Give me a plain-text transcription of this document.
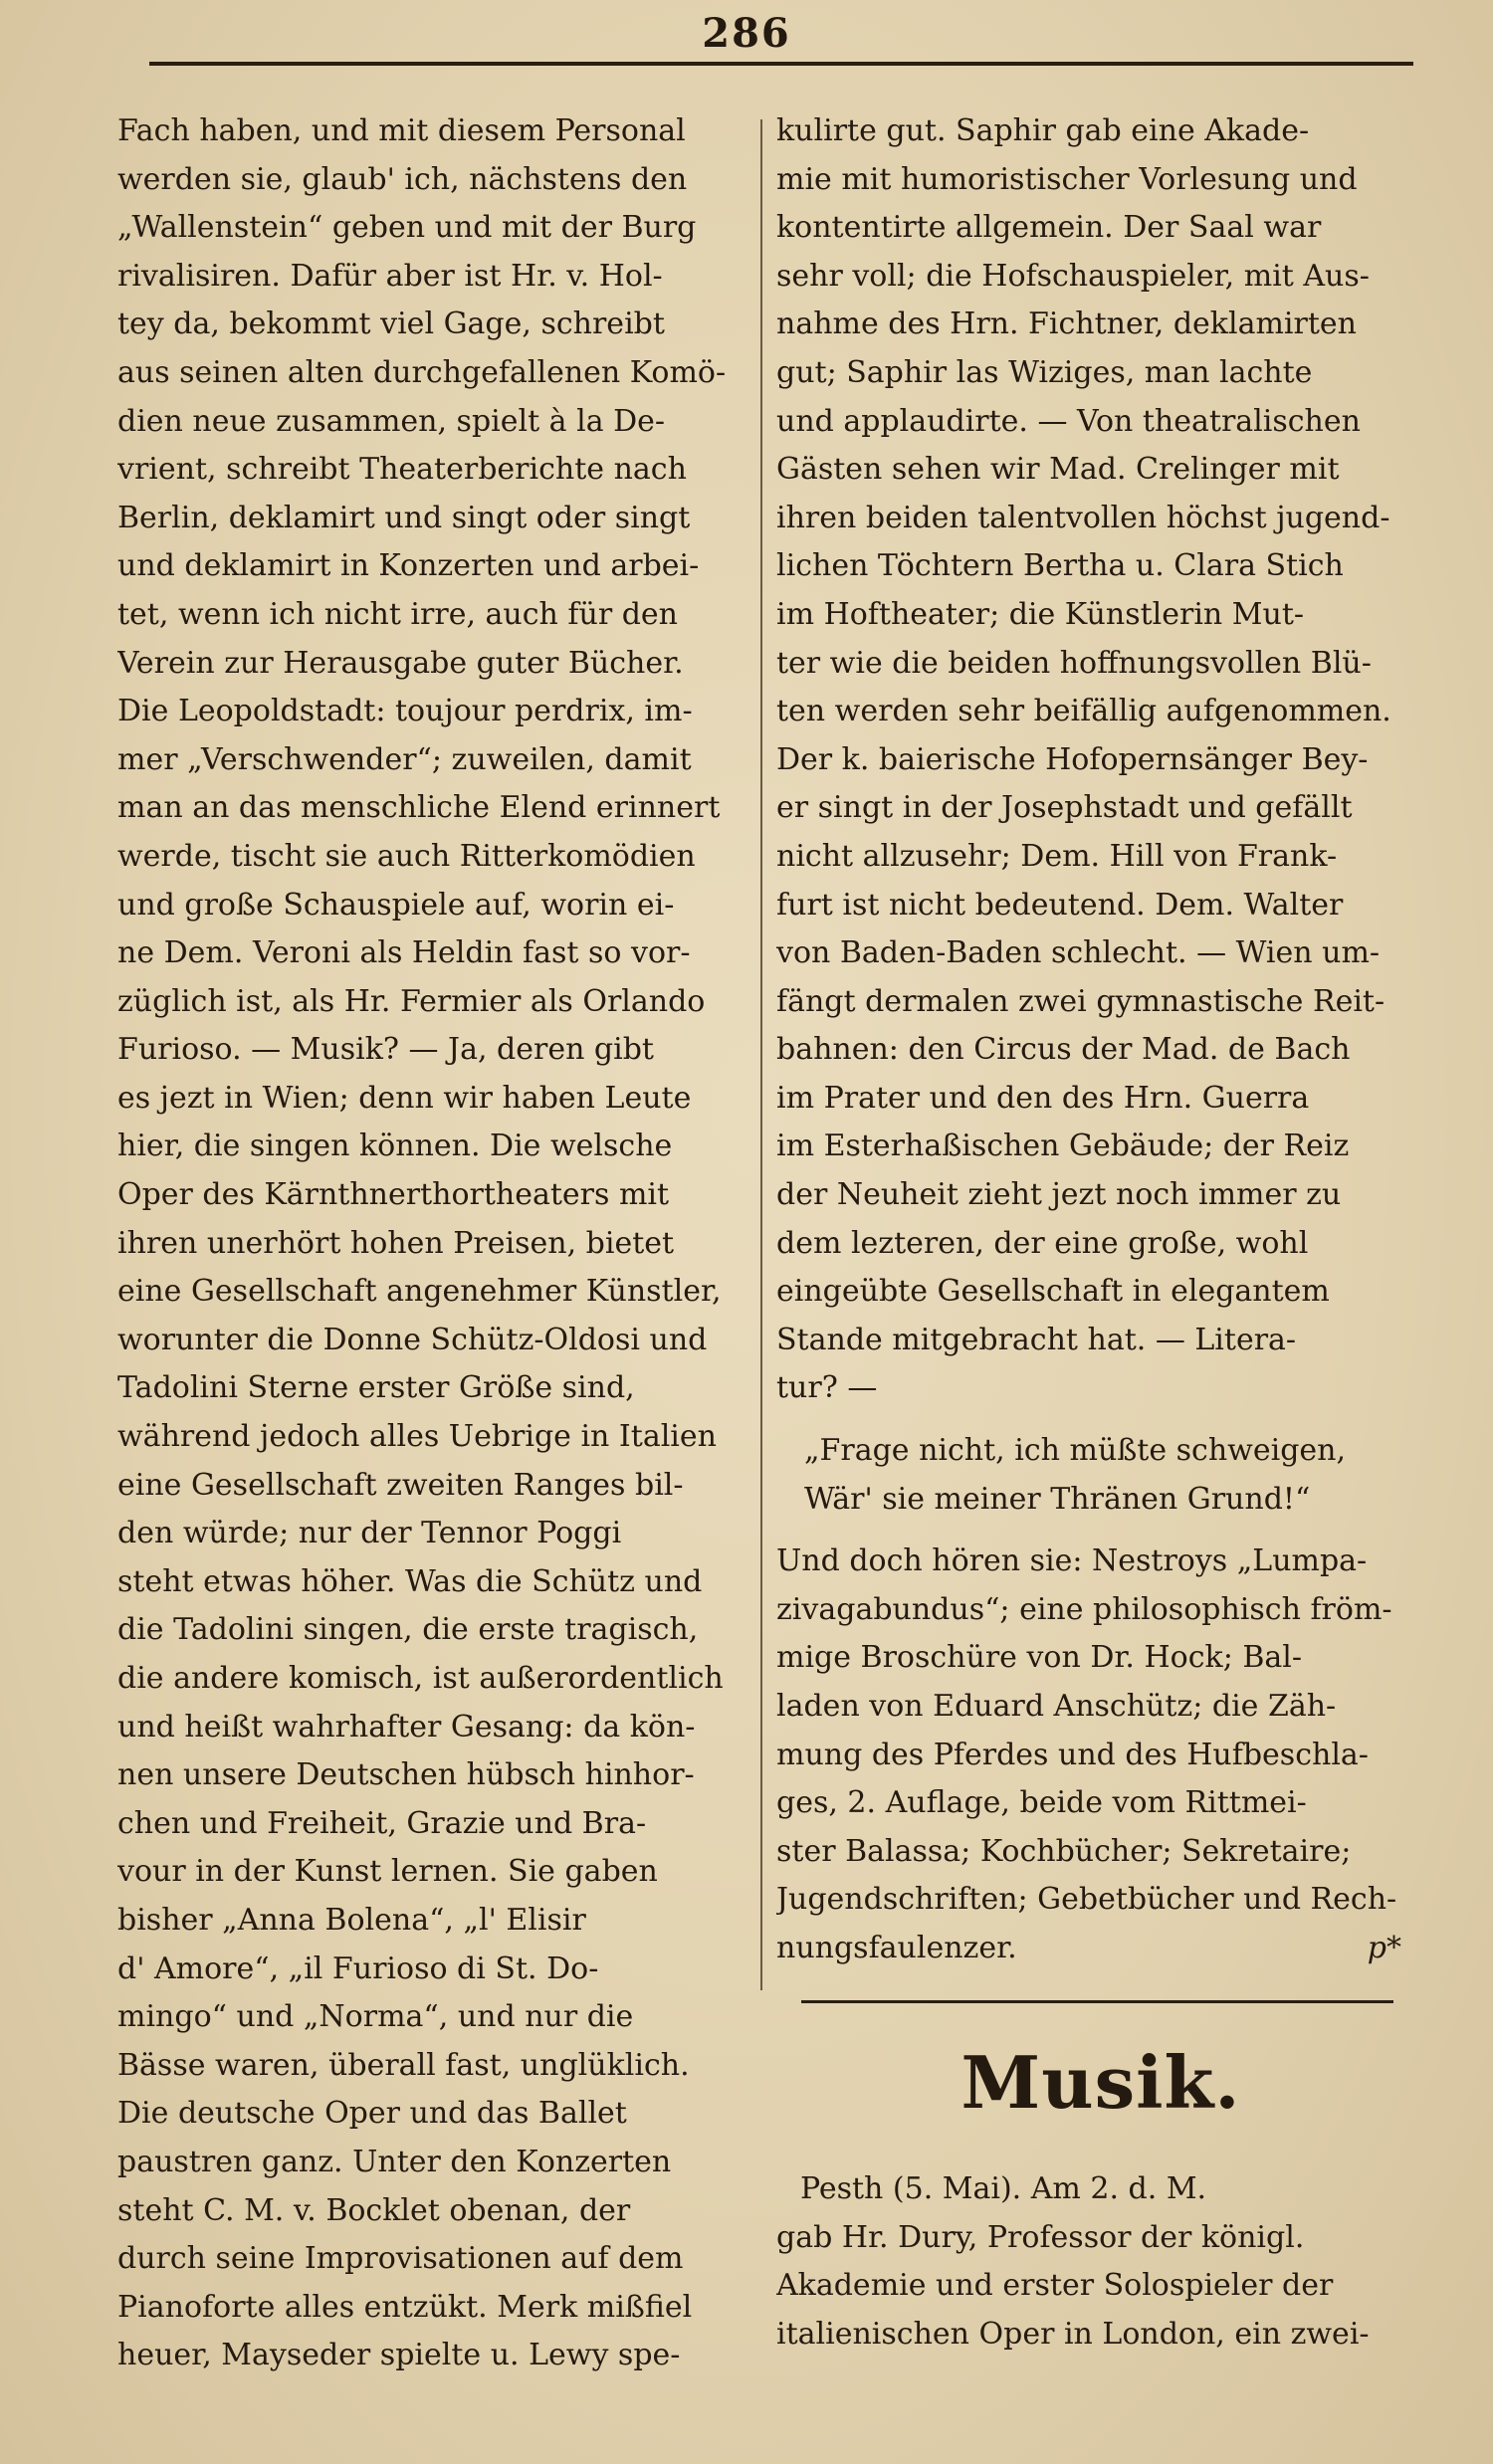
286
Fach haben, und mit diesem Personal
werden sie, glaub' ich, nächstens den
„Wallenstein“ geben und mit der Burg
rivalisiren. Dafür aber ist Hr. v. Hol-
tey da, bekommt viel Gage, schreibt
aus seinen alten durchgefallenen Komö-
dien neue zusammen, spielt à la De-
vrient, schreibt Theaterberichte nach
Berlin, deklamirt und singt oder singt
und deklamirt in Konzerten und arbei-
tet, wenn ich nicht irre, auch für den
Verein zur Herausgabe guter Bücher.
Die Leopoldstadt: toujour perdrix, im-
mer „Verschwender“; zuweilen, damit
man an das menschliche Elend erinnert
werde, tischt sie auch Ritterkomödien
und große Schauspiele auf, worin ei-
ne Dem. Veroni als Heldin fast so vor-
züglich ist, als Hr. Fermier als Orlando
Furioso. — Musik? — Ja, deren gibt
es jezt in Wien; denn wir haben Leute
hier, die singen können. Die welsche
Oper des Kärnthnerthortheaters mit
ihren unerhört hohen Preisen, bietet
eine Gesellschaft angenehmer Künstler,
worunter die Donne Schütz-Oldosi und
Tadolini Sterne erster Größe sind,
während jedoch alles Uebrige in Italien
eine Gesellschaft zweiten Ranges bil-
den würde; nur der Tennor Poggi
steht etwas höher. Was die Schütz und
die Tadolini singen, die erste tragisch,
die andere komisch, ist außerordentlich
und heißt wahrhafter Gesang: da kön-
nen unsere Deutschen hübsch hinhor-
chen und Freiheit, Grazie und Bra-
vour in der Kunst lernen. Sie gaben
bisher „Anna Bolena“, „l' Elisir
d' Amore“, „il Furioso di St. Do-
mingo“ und „Norma“, und nur die
Bässe waren, überall fast, unglüklich.
Die deutsche Oper und das Ballet
paustren ganz. Unter den Konzerten
steht C. M. v. Bocklet obenan, der
durch seine Improvisationen auf dem
Pianoforte alles entzükt. Merk mißfiel
heuer, Mayseder spielte u. Lewy spe-
kulirte gut. Saphir gab eine Akade-
mie mit humoristischer Vorlesung und
kontentirte allgemein. Der Saal war
sehr voll; die Hofschauspieler, mit Aus-
nahme des Hrn. Fichtner, deklamirten
gut; Saphir las Wiziges, man lachte
und applaudirte. — Von theatralischen
Gästen sehen wir Mad. Crelinger mit
ihren beiden talentvollen höchst jugend-
lichen Töchtern Bertha u. Clara Stich
im Hoftheater; die Künstlerin Mut-
ter wie die beiden hoffnungsvollen Blü-
ten werden sehr beifällig aufgenommen.
Der k. baierische Hofopernsänger Bey-
er singt in der Josephstadt und gefällt
nicht allzusehr; Dem. Hill von Frank-
furt ist nicht bedeutend. Dem. Walter
von Baden-Baden schlecht. — Wien um-
fängt dermalen zwei gymnastische Reit-
bahnen: den Circus der Mad. de Bach
im Prater und den des Hrn. Guerra
im Esterhaßischen Gebäude; der Reiz
der Neuheit zieht jezt noch immer zu
dem lezteren, der eine große, wohl
eingeübte Gesellschaft in elegantem
Stande mitgebracht hat. — Litera-
tur? —
„Frage nicht, ich müßte schweigen,
Wär' sie meiner Thränen Grund!“
Und doch hören sie: Nestroys „Lumpa-
zivagabundus“; eine philosophisch fröm-
mige Broschüre von Dr. Hock; Bal-
laden von Eduard Anschütz; die Zäh-
mung des Pferdes und des Hufbeschla-
ges, 2. Auflage, beide vom Rittmei-
ster Balassa; Kochbücher; Sekretaire;
Jugendschriften; Gebetbücher und Rech-
nungsfaulenzer.	p*
Musik.
Pesth (5. Mai). Am 2. d. M.
gab Hr. Dury, Professor der königl.
Akademie und erster Solospieler der
italienischen Oper in London, ein zwei-
